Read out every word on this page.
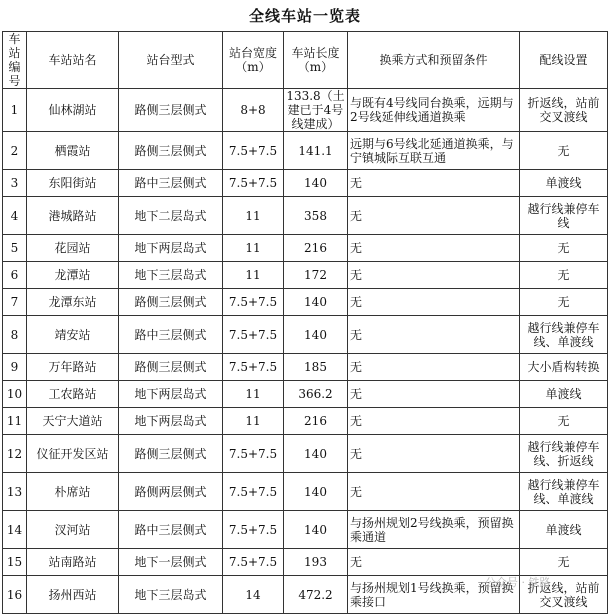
全线车站一览表
车站编号	车站站名	站台型式	站台宽度（m）	车站长度（m）	换乘方式和预留条件	配线设置
1	仙林湖站	路侧三层侧式	8+8	133.8（土建已于4号线建成）	与既有4号线同台换乘，远期与2号线延伸线通道换乘	折返线，站前交叉渡线
2	栖霞站	路侧三层侧式	7.5+7.5	141.1	远期与6号线北延通道换乘，与宁镇城际互联互通	无
3	东阳街站	路中三层侧式	7.5+7.5	140	无	单渡线
4	港城路站	地下二层岛式	11	358	无	越行线兼停车线
5	花园站	地下两层岛式	11	216	无	无
6	龙潭站	地下三层岛式	11	172	无	无
7	龙潭东站	路侧三层侧式	7.5+7.5	140	无	无
8	靖安站	路中三层侧式	7.5+7.5	140	无	越行线兼停车线、单渡线
9	万年路站	路侧三层侧式	7.5+7.5	185	无	大小盾构转换
10	工农路站	地下两层岛式	11	366.2	无	单渡线
11	天宁大道站	地下两层岛式	11	216	无	无
12	仪征开发区站	路侧三层侧式	7.5+7.5	140	无	越行线兼停车线、折返线
13	朴席站	路侧两层侧式	7.5+7.5	140	无	越行线兼停车线、单渡线
14	汊河站	路中三层侧式	7.5+7.5	140	与扬州规划2号线换乘，预留换乘通道	单渡线
15	站南路站	地下一层侧式	7.5+7.5	193	无	无
16	扬州西站	地下三层岛式	14	472.2	与扬州规划1号线换乘，预留换乘接口	折返线，站前交叉渡线
公众号 · 铁路
